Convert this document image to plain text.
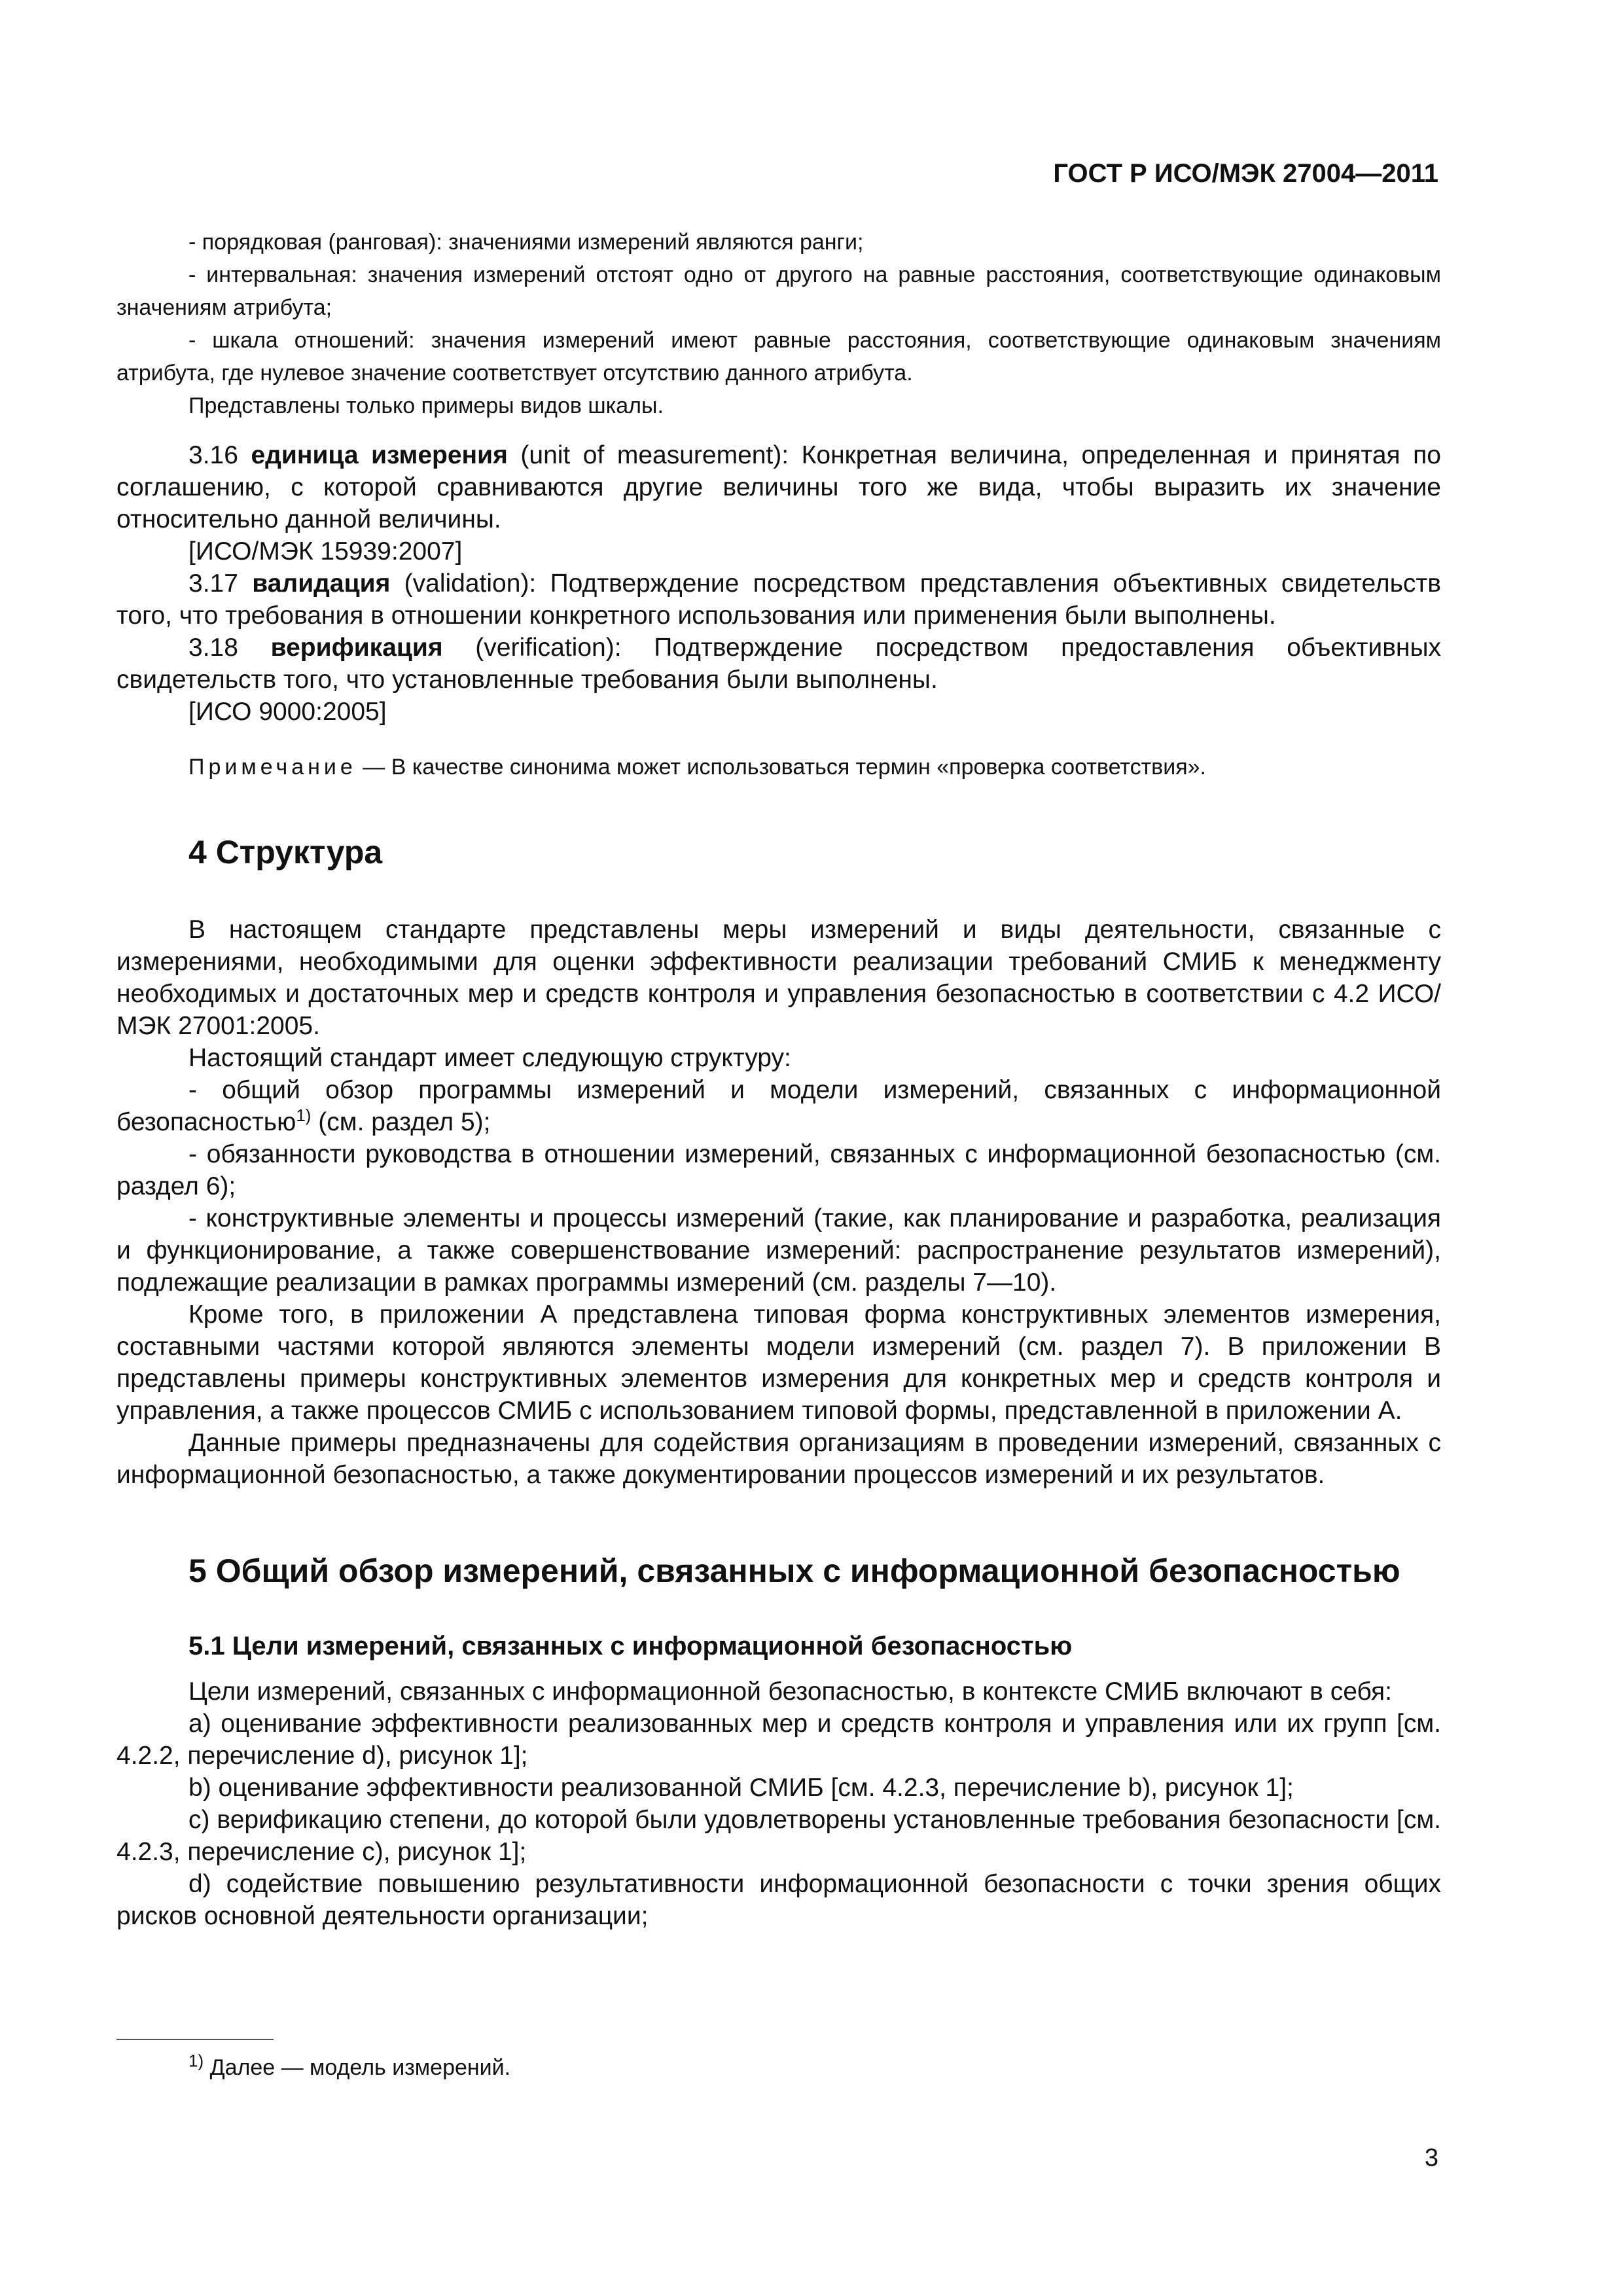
ГОСТ Р ИСО/МЭК 27004—2011

- порядковая (ранговая): значениями измерений являются ранги;

- интервальная: значения измерений отстоят одно от другого на равные расстояния, соответствующие одинаковым значениям атрибута;

- шкала отношений: значения измерений имеют равные расстояния, соответствующие одинаковым значениям атрибута, где нулевое значение соответствует отсутствию данного атрибута.

Представлены только примеры видов шкалы.

3.16 единица измерения (unit of measurement): Конкретная величина, определенная и принятая по соглашению, с которой сравниваются другие величины того же вида, чтобы выразить их значение относительно данной величины.

[ИСО/МЭК 15939:2007]

3.17 валидация (validation): Подтверждение посредством представления объективных свидетельств того, что требования в отношении конкретного использования или применения были выполнены.

3.18 верификация (verification): Подтверждение посредством предоставления объективных свидетельств того, что установленные требования были выполнены.

[ИСО 9000:2005]

Примечание — В качестве синонима может использоваться термин «проверка соответствия».

4 Структура

В настоящем стандарте представлены меры измерений и виды деятельности, связанные с измерениями, необходимыми для оценки эффективности реализации требований СМИБ к менеджменту необходимых и достаточных мер и средств контроля и управления безопасностью в соответствии с 4.2 ИСО/МЭК 27001:2005.

Настоящий стандарт имеет следующую структуру:

- общий обзор программы измерений и модели измерений, связанных с информационной безопасностью$^{1)}$ (см. раздел 5);

- обязанности руководства в отношении измерений, связанных с информационной безопасностью (см. раздел 6);

- конструктивные элементы и процессы измерений (такие, как планирование и разработка, реализация и функционирование, а также совершенствование измерений: распространение результатов измерений), подлежащие реализации в рамках программы измерений (см. разделы 7—10).

Кроме того, в приложении А представлена типовая форма конструктивных элементов измерения, составными частями которой являются элементы модели измерений (см. раздел 7). В приложении В представлены примеры конструктивных элементов измерения для конкретных мер и средств контроля и управления, а также процессов СМИБ с использованием типовой формы, представленной в приложении А.

Данные примеры предназначены для содействия организациям в проведении измерений, связанных с информационной безопасностью, а также документировании процессов измерений и их результатов.

5 Общий обзор измерений, связанных с информационной безопасностью
5.1 Цели измерений, связанных с информационной безопасностью

Цели измерений, связанных с информационной безопасностью, в контексте СМИБ включают в себя:

a) оценивание эффективности реализованных мер и средств контроля и управления или их групп [см. 4.2.2, перечисление d), рисунок 1];

b) оценивание эффективности реализованной СМИБ [см. 4.2.3, перечисление b), рисунок 1];

c) верификацию степени, до которой были удовлетворены установленные требования безопасности [см. 4.2.3, перечисление c), рисунок 1];

d) содействие повышению результативности информационной безопасности с точки зрения общих рисков основной деятельности организации;

$^{1)}$ Далее — модель измерений.
3
